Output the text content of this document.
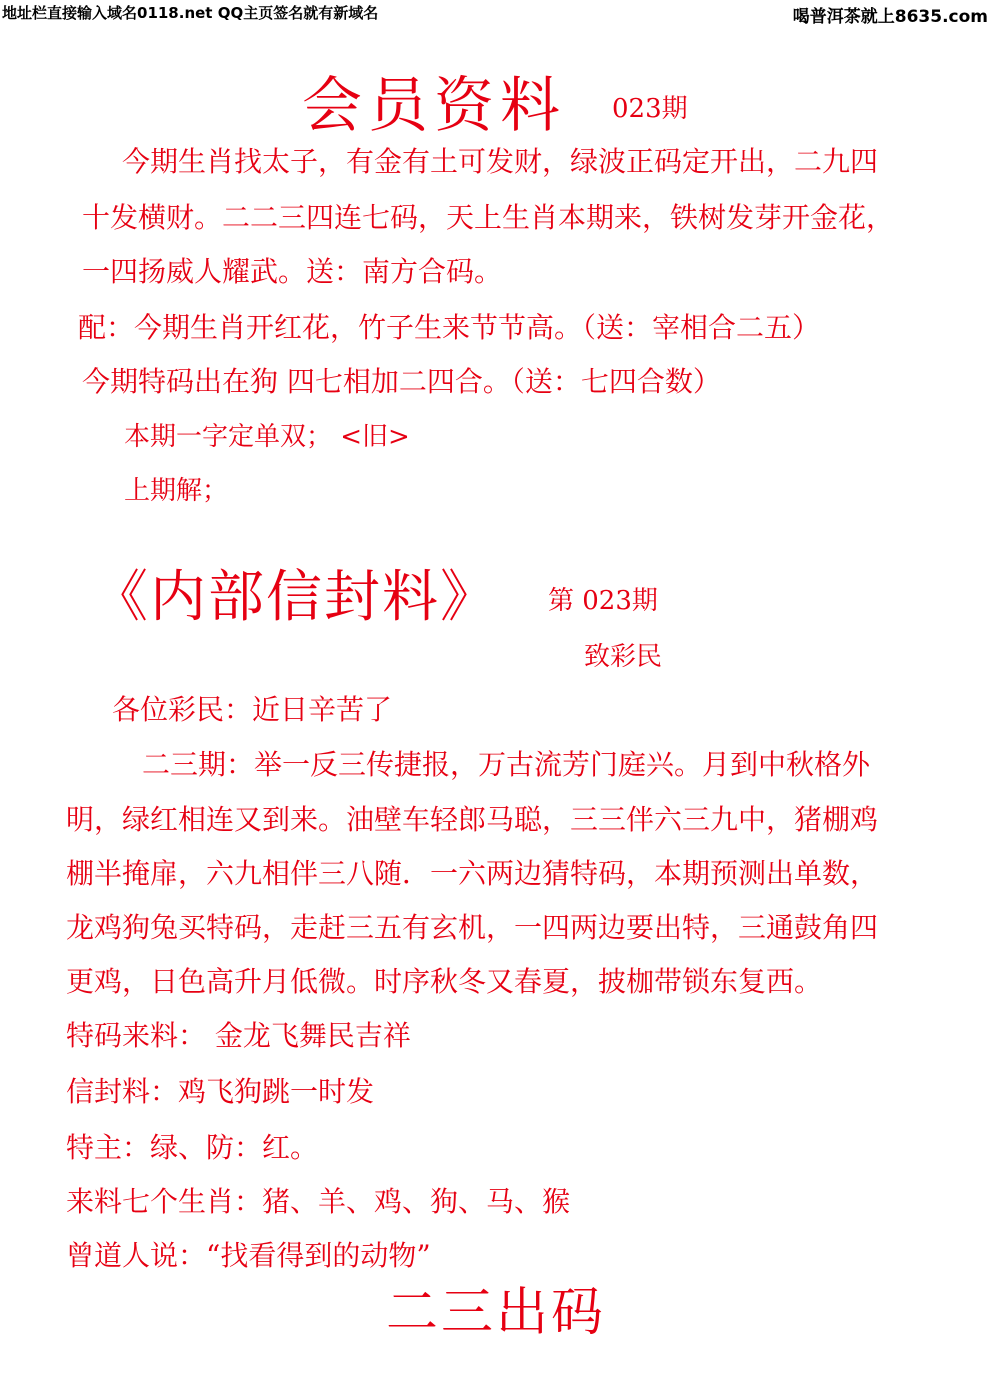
地址栏直接输入域名0118.net QQ主页签名就有新域名	喝普洱茶就上8635.com
会员资料 023期
今期生肖找太子，有金有土可发财，绿波正码定开出，二九四
十发横财。二二三四连七码，天上生肖本期来，铁树发芽开金花，
一四扬威人耀武。送：南方合码。
配：今期生肖开红花，竹子生来节节高。（送：宰相合二五）
今期特码出在狗 四七相加二四合。（送：七四合数）
本期一字定单双； <旧>
上期解；
《内部信封料》 第 023期
致彩民
各位彩民：近日辛苦了
二三期：举一反三传捷报，万古流芳门庭兴。月到中秋格外
明，绿红相连又到来。油壁车轻郎马聪，三三伴六三九中，猪棚鸡
棚半掩扉，六九相伴三八随．一六两边猜特码，本期预测出单数，
龙鸡狗兔买特码，走赶三五有玄机，一四两边要出特，三通鼓角四
更鸡，日色高升月低微。时序秋冬又春夏，披枷带锁东复西。
特码来料： 金龙飞舞民吉祥
信封料：鸡飞狗跳一时发
特主：绿、防：红。
来料七个生肖：猪、羊、鸡、狗、马、猴
曾道人说：“找看得到的动物”
二三出码
